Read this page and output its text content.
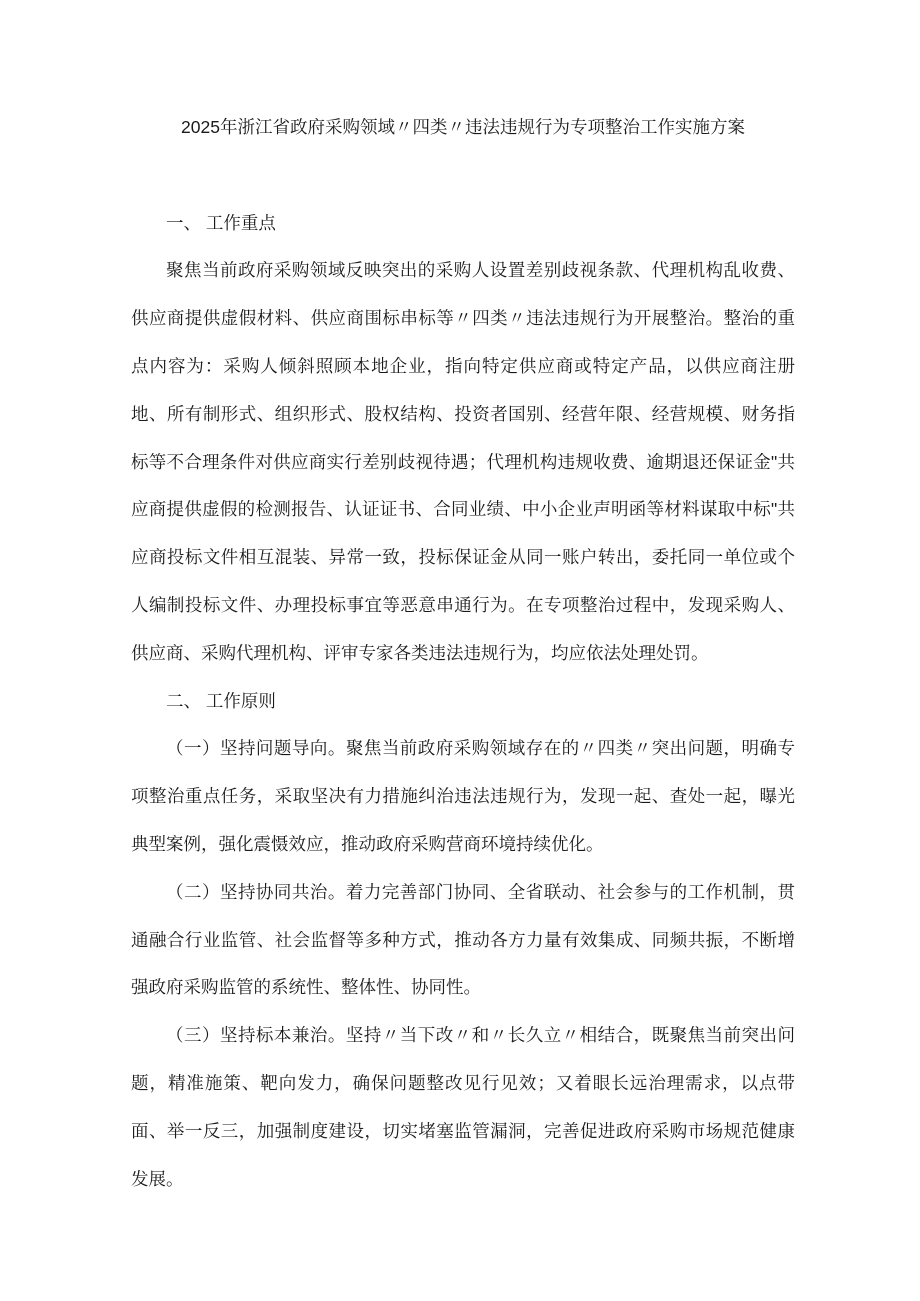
2025年浙江省政府采购领域〃四类〃违法违规行为专项整治工作实施方案
一、 工作重点

聚焦当前政府采购领域反映突出的采购人设置差别歧视条款、代理机构乱收费、供应商提供虚假材料、供应商围标串标等〃四类〃违法违规行为开展整治。整治的重点内容为：采购人倾斜照顾本地企业，指向特定供应商或特定产品，以供应商注册地、所有制形式、组织形式、股权结构、投资者国别、经营年限、经营规模、财务指标等不合理条件对供应商实行差别歧视待遇；代理机构违规收费、逾期退还保证金"共应商提供虚假的检测报告、认证证书、合同业绩、中小企业声明函等材料谋取中标"共应商投标文件相互混装、异常一致，投标保证金从同一账户转出，委托同一单位或个人编制投标文件、办理投标事宜等恶意串通行为。在专项整治过程中，发现采购人、供应商、采购代理机构、评审专家各类违法违规行为，均应依法处理处罚。

二、 工作原则

（一）坚持问题导向。聚焦当前政府采购领域存在的〃四类〃突出问题，明确专项整治重点任务，采取坚决有力措施纠治违法违规行为，发现一起、查处一起，曝光典型案例，强化震慑效应，推动政府采购营商环境持续优化。

（二）坚持协同共治。着力完善部门协同、全省联动、社会参与的工作机制，贯通融合行业监管、社会监督等多种方式，推动各方力量有效集成、同频共振，不断增强政府采购监管的系统性、整体性、协同性。

（三）坚持标本兼治。坚持〃当下改〃和〃长久立〃相结合，既聚焦当前突出问题，精准施策、靶向发力，确保问题整改见行见效；又着眼长远治理需求，以点带面、举一反三，加强制度建设，切实堵塞监管漏洞，完善促进政府采购市场规范健康发展。
